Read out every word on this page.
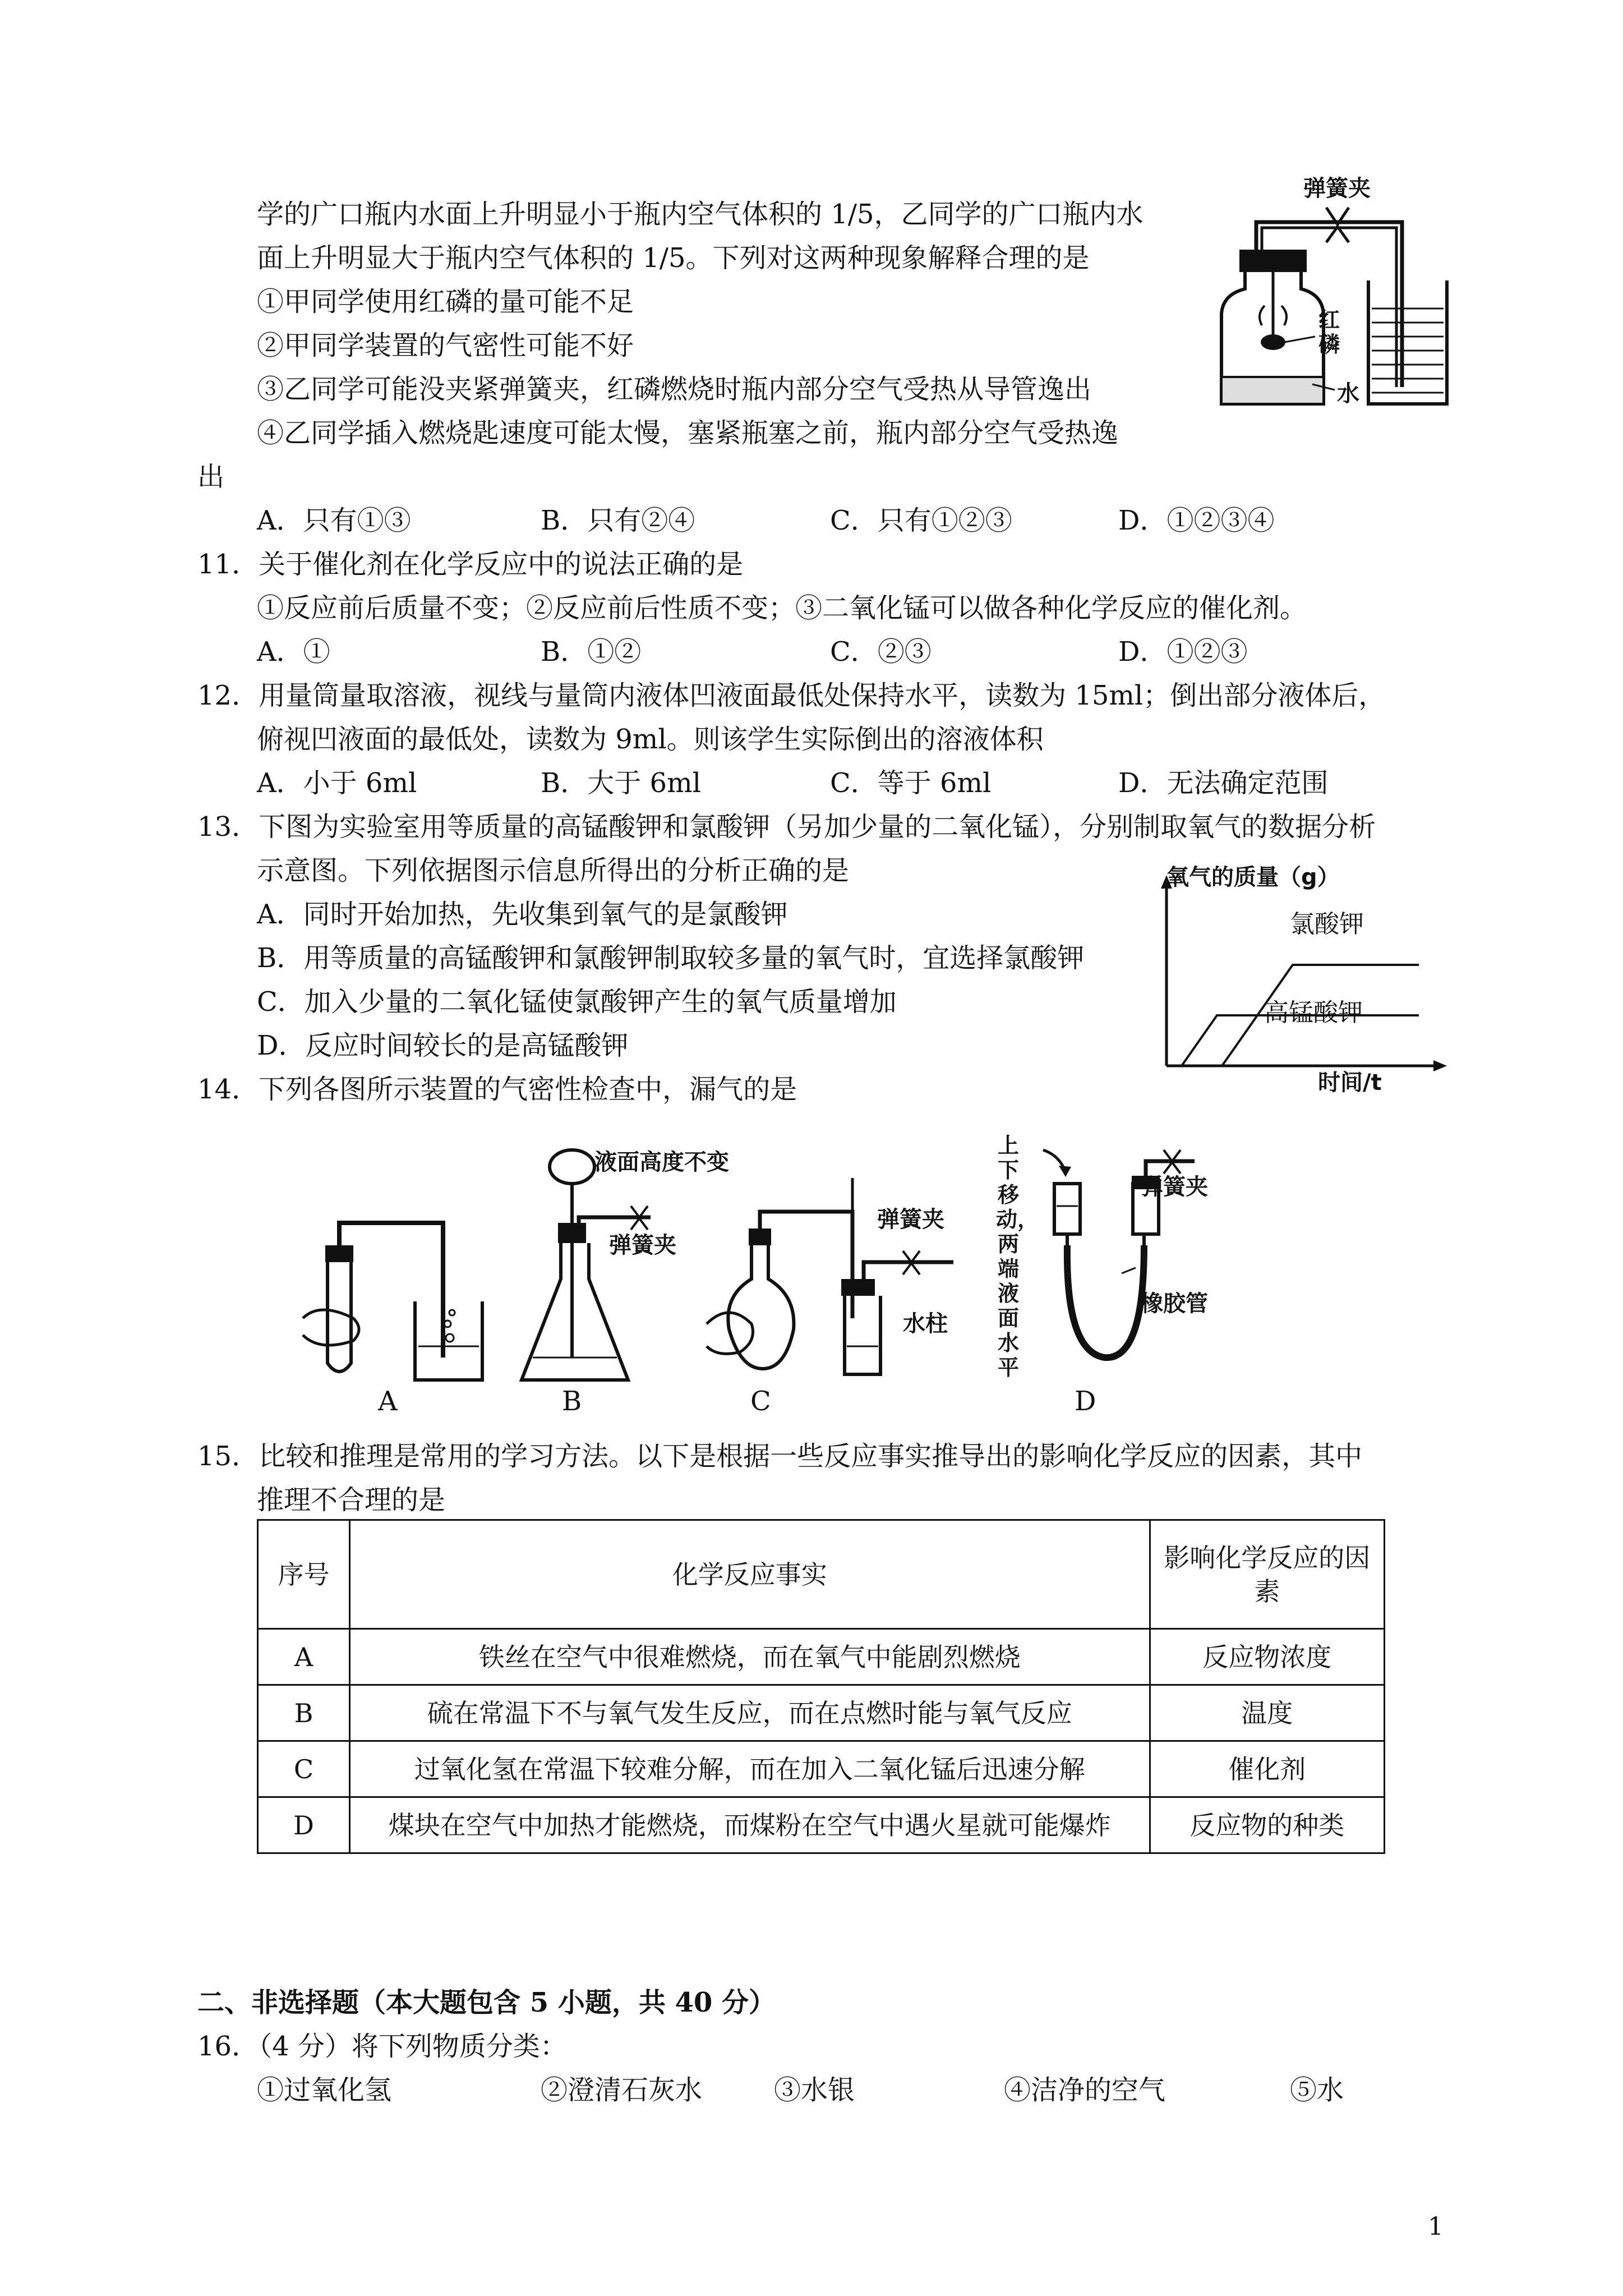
学的广口瓶内水面上升明显小于瓶内空气体积的 1/5，乙同学的广口瓶内水
面上升明显大于瓶内空气体积的 1/5。下列对这两种现象解释合理的是
①甲同学使用红磷的量可能不足
②甲同学装置的气密性可能不好
③乙同学可能没夹紧弹簧夹，红磷燃烧时瓶内部分空气受热从导管逸出
④乙同学插入燃烧匙速度可能太慢，塞紧瓶塞之前，瓶内部分空气受热逸
出
A．只有①③	B．只有②④	C．只有①②③	D．①②③④
弹簧夹
红磷
水
11．关于催化剂在化学反应中的说法正确的是
①反应前后质量不变；②反应前后性质不变；③二氧化锰可以做各种化学反应的催化剂。
A．①	B．①②	C．②③	D．①②③
12．用量筒量取溶液，视线与量筒内液体凹液面最低处保持水平，读数为 15ml；倒出部分液体后，
俯视凹液面的最低处，读数为 9ml。则该学生实际倒出的溶液体积
A．小于 6ml	B．大于 6ml	C．等于 6ml	D．无法确定范围
13．下图为实验室用等质量的高锰酸钾和氯酸钾（另加少量的二氧化锰），分别制取氧气的数据分析
示意图。下列依据图示信息所得出的分析正确的是
A．同时开始加热，先收集到氧气的是氯酸钾
B．用等质量的高锰酸钾和氯酸钾制取较多量的氧气时，宜选择氯酸钾
C．加入少量的二氧化锰使氯酸钾产生的氧气质量增加
D．反应时间较长的是高锰酸钾
氧气的质量（g）
氯酸钾
高锰酸钾
时间/t
14．下列各图所示装置的气密性检查中，漏气的是
A
液面高度不变
弹簧夹
B
弹簧夹
水柱
C
上下移动，两端液面水平
弹簧夹
橡胶管
D
15．比较和推理是常用的学习方法。以下是根据一些反应事实推导出的影响化学反应的因素，其中
推理不合理的是
序号	化学反应事实	影响化学反应的因素
A	铁丝在空气中很难燃烧，而在氧气中能剧烈燃烧	反应物浓度
B	硫在常温下不与氧气发生反应，而在点燃时能与氧气反应	温度
C	过氧化氢在常温下较难分解，而在加入二氧化锰后迅速分解	催化剂
D	煤块在空气中加热才能燃烧，而煤粉在空气中遇火星就可能爆炸	反应物的种类
二、非选择题（本大题包含 5 小题，共 40 分）
16．（4 分）将下列物质分类：
①过氧化氢	②澄清石灰水	③水银	④洁净的空气	⑤水
1
